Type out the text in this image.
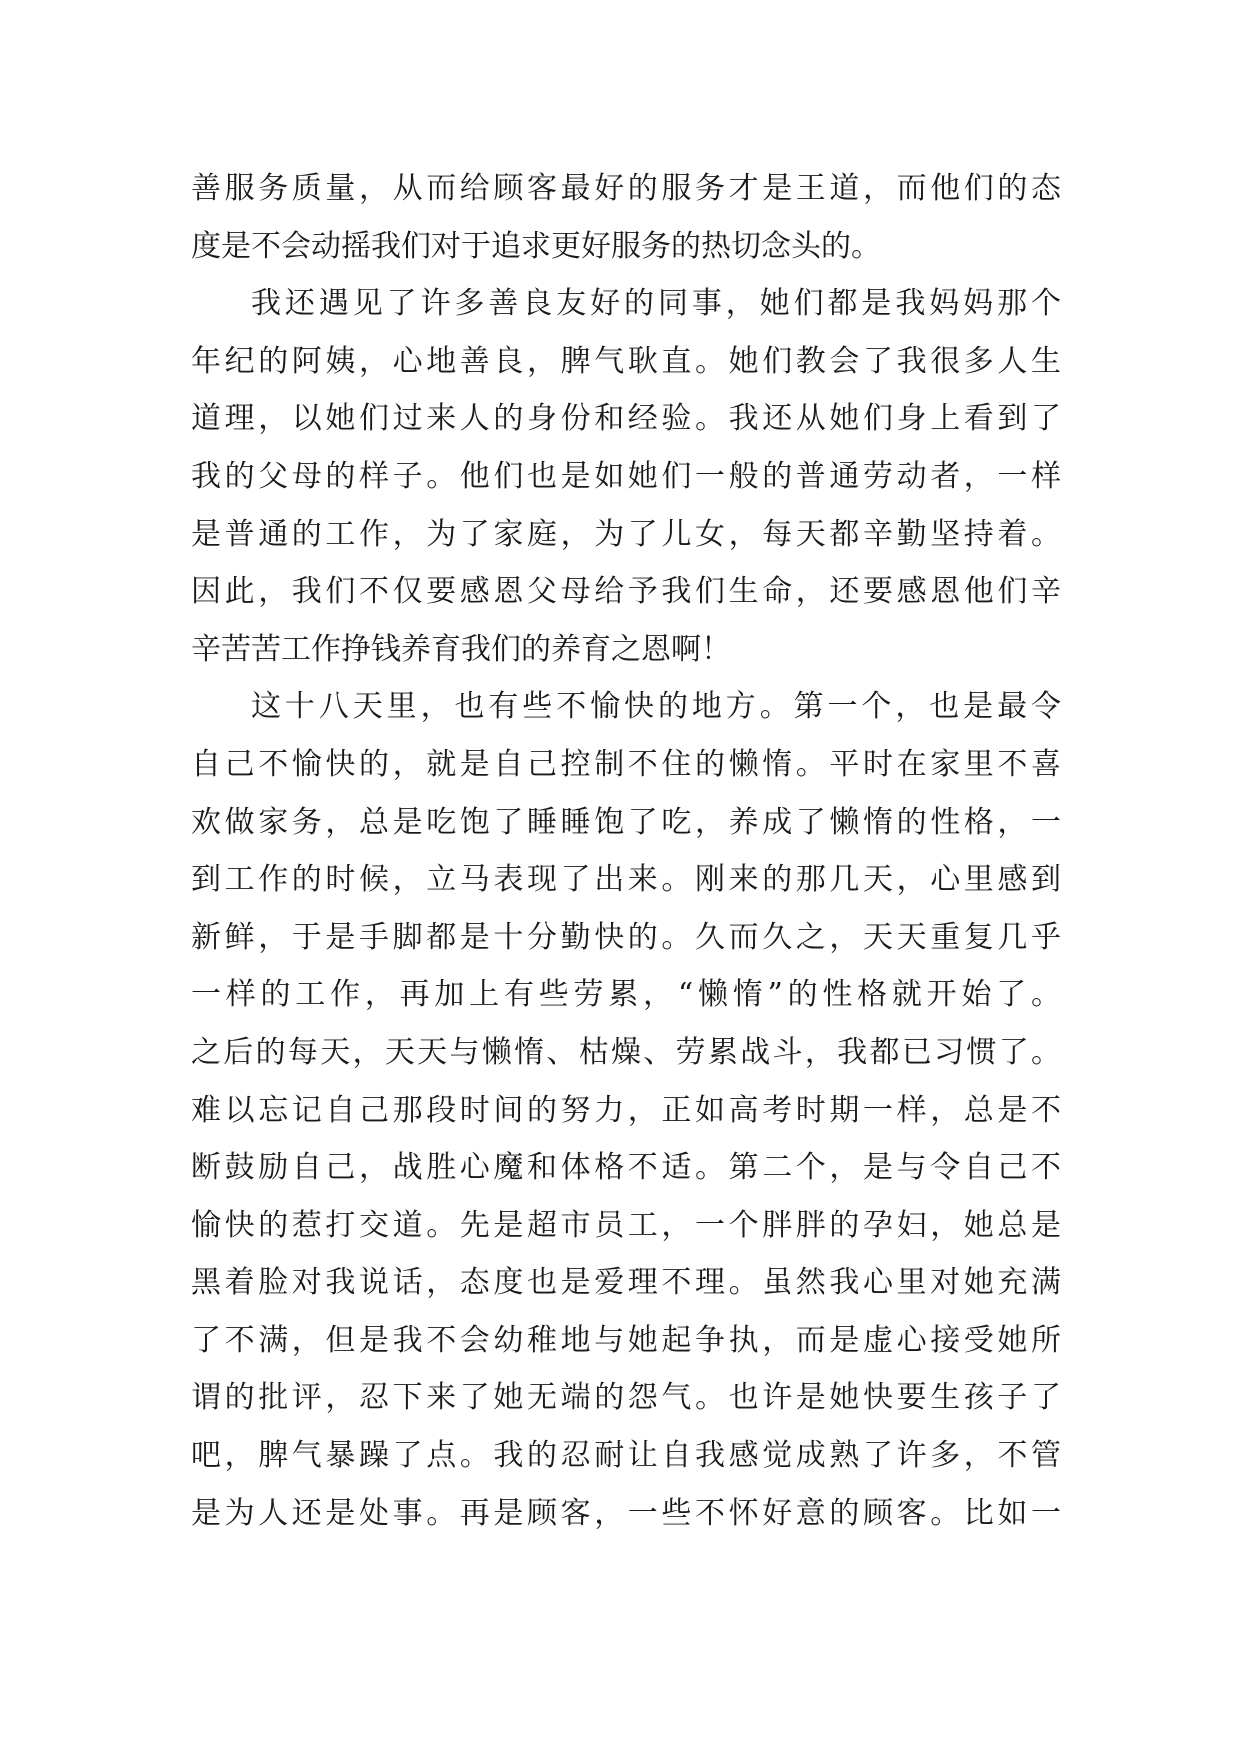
善服务质量，从而给顾客最好的服务才是王道，而他们的态
度是不会动摇我们对于追求更好服务的热切念头的。
我还遇见了许多善良友好的同事，她们都是我妈妈那个
年纪的阿姨，心地善良，脾气耿直。她们教会了我很多人生
道理，以她们过来人的身份和经验。我还从她们身上看到了
我的父母的样子。他们也是如她们一般的普通劳动者，一样
是普通的工作，为了家庭，为了儿女，每天都辛勤坚持着。
因此，我们不仅要感恩父母给予我们生命，还要感恩他们辛
辛苦苦工作挣钱养育我们的养育之恩啊！
这十八天里，也有些不愉快的地方。第一个，也是最令
自己不愉快的，就是自己控制不住的懒惰。平时在家里不喜
欢做家务，总是吃饱了睡睡饱了吃，养成了懒惰的性格，一
到工作的时候，立马表现了出来。刚来的那几天，心里感到
新鲜，于是手脚都是十分勤快的。久而久之，天天重复几乎
一样的工作，再加上有些劳累，“懒惰”的性格就开始了。
之后的每天，天天与懒惰、枯燥、劳累战斗，我都已习惯了。
难以忘记自己那段时间的努力，正如高考时期一样，总是不
断鼓励自己，战胜心魔和体格不适。第二个，是与令自己不
愉快的惹打交道。先是超市员工，一个胖胖的孕妇，她总是
黑着脸对我说话，态度也是爱理不理。虽然我心里对她充满
了不满，但是我不会幼稚地与她起争执，而是虚心接受她所
谓的批评，忍下来了她无端的怨气。也许是她快要生孩子了
吧，脾气暴躁了点。我的忍耐让自我感觉成熟了许多，不管
是为人还是处事。再是顾客，一些不怀好意的顾客。比如一
